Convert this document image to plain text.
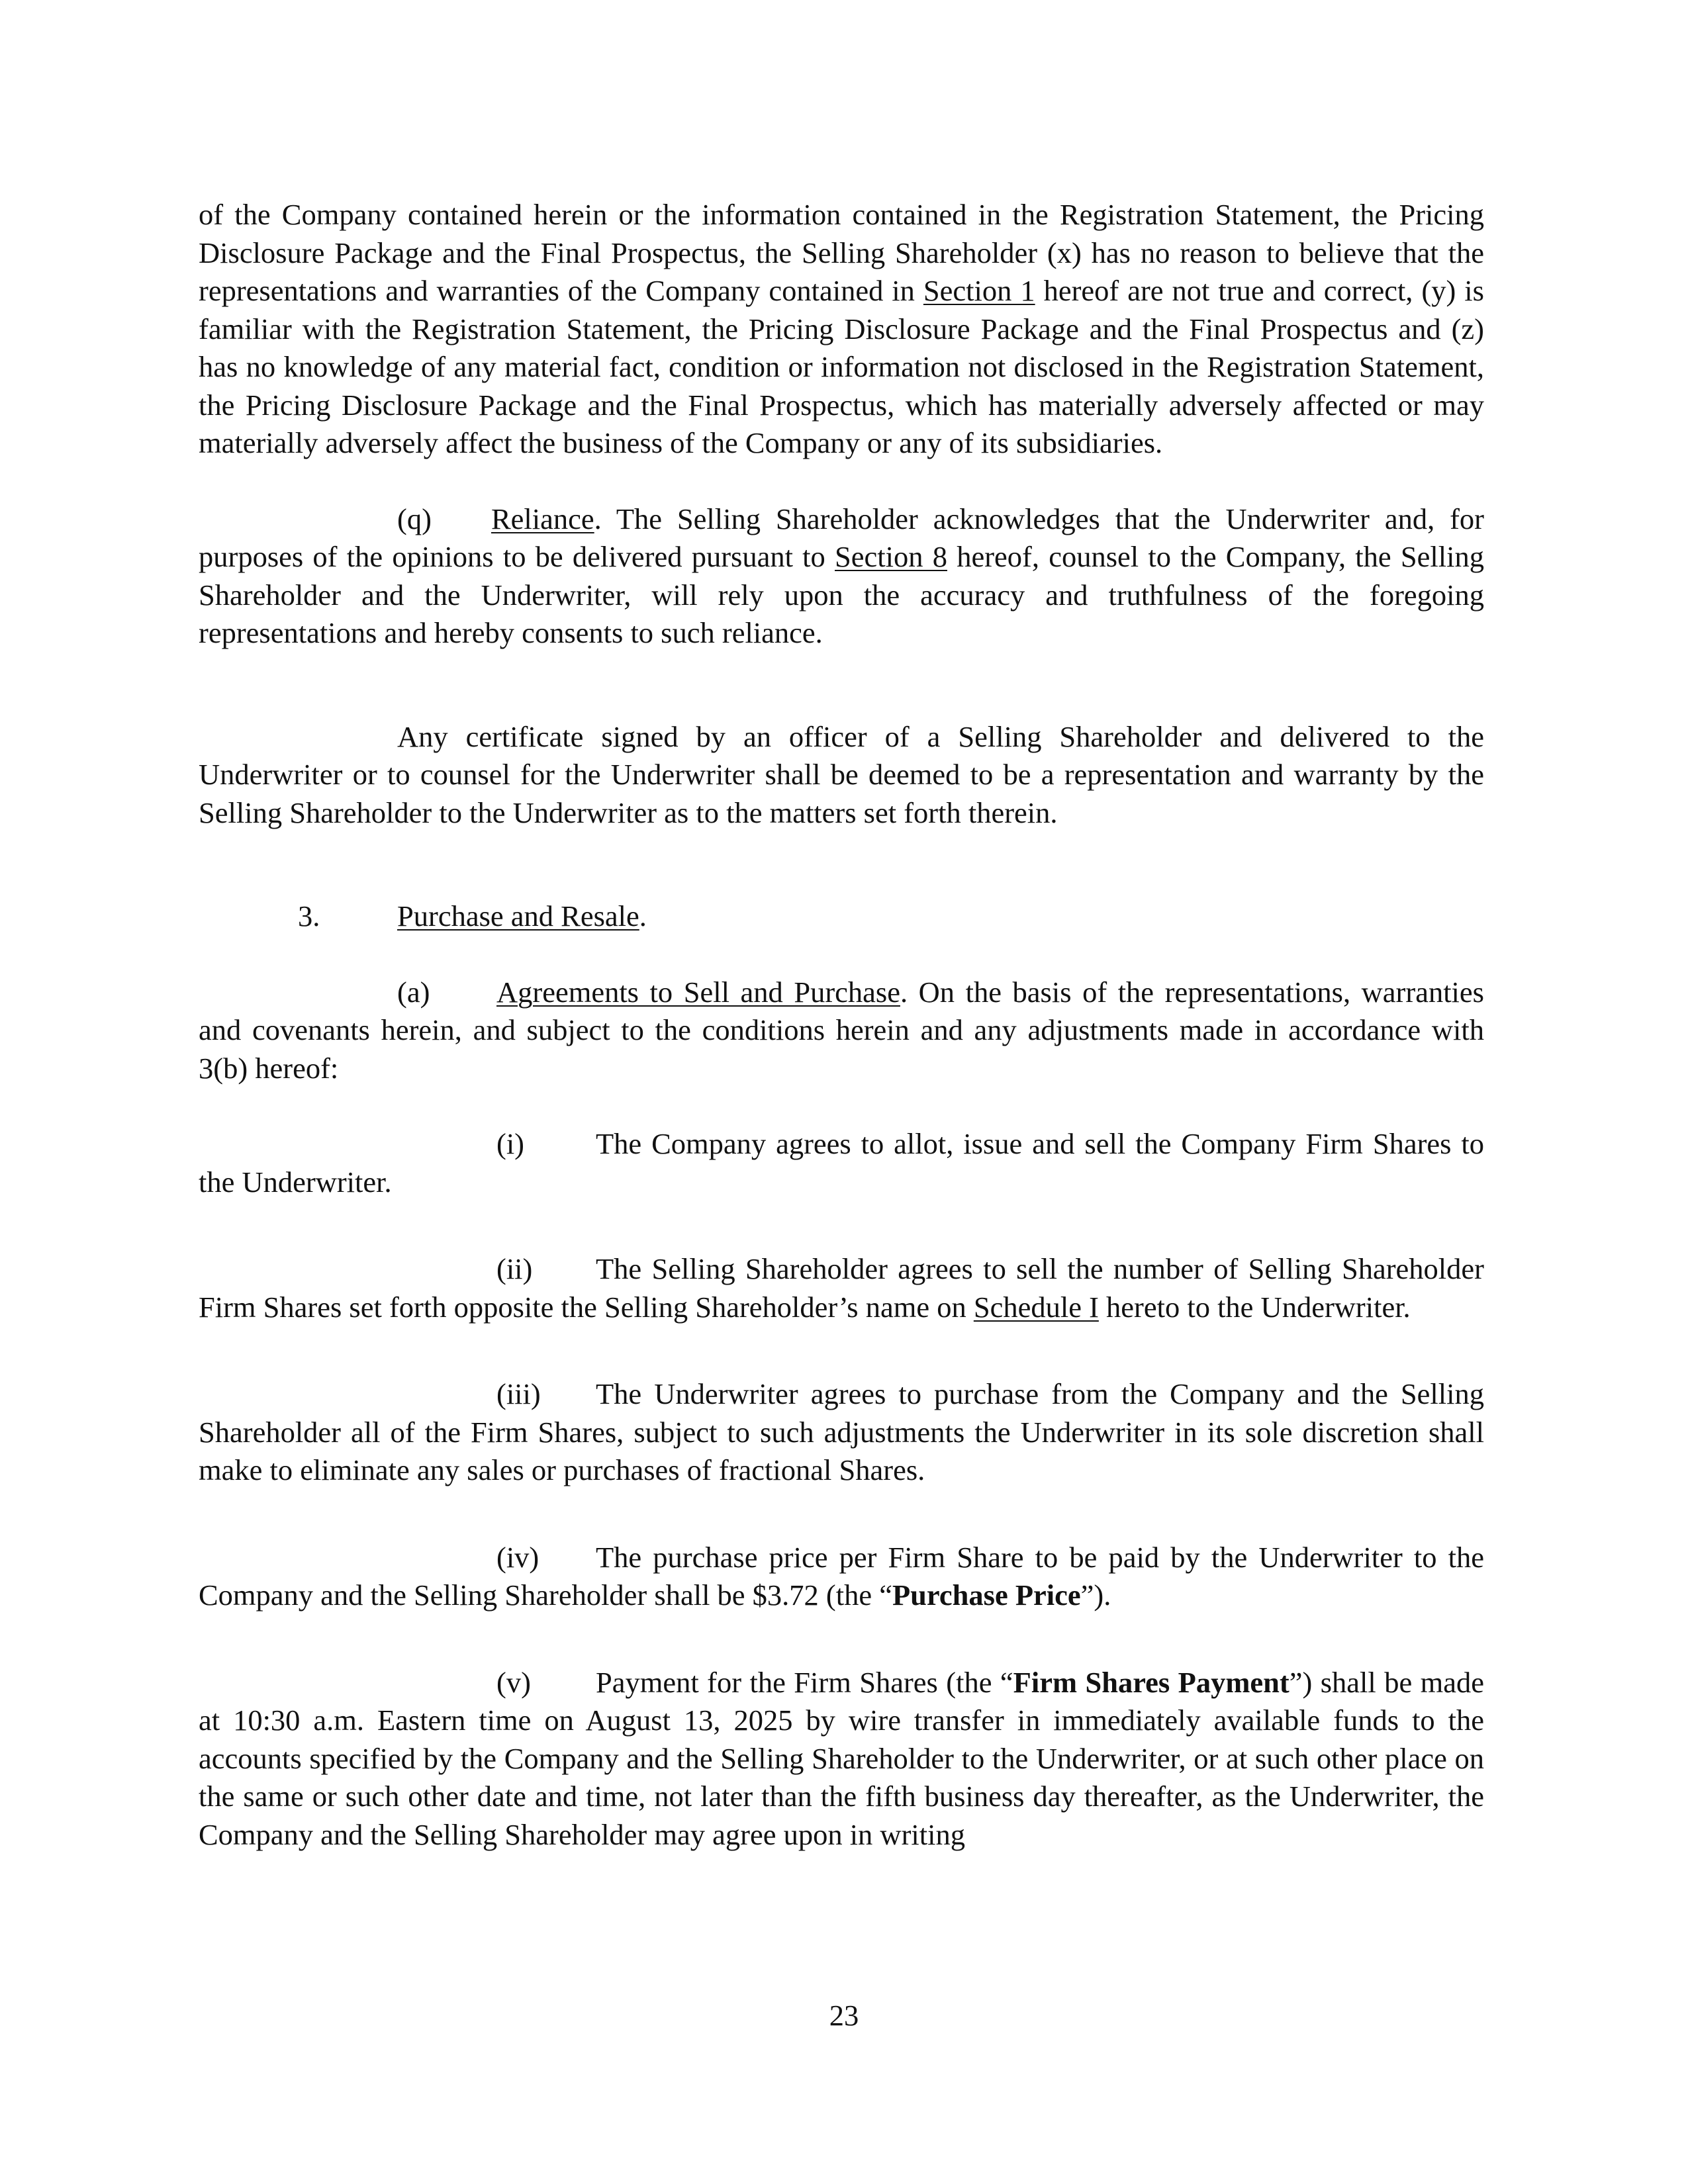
of the Company contained herein or the information contained in the Registration Statement, the Pricing Disclosure Package and the Final Prospectus, the Selling Shareholder (x) has no reason to believe that the representations and warranties of the Company contained in Section 1 hereof are not true and correct, (y) is familiar with the Registration Statement, the Pricing Disclosure Package and the Final Prospectus and (z) has no knowledge of any material fact, condition or information not disclosed in the Registration Statement, the Pricing Disclosure Package and the Final Prospectus, which has materially adversely affected or may materially adversely affect the business of the Company or any of its subsidiaries.

(q) Reliance. The Selling Shareholder acknowledges that the Underwriter and, for purposes of the opinions to be delivered pursuant to Section 8 hereof, counsel to the Company, the Selling Shareholder and the Underwriter, will rely upon the accuracy and truthfulness of the foregoing representations and hereby consents to such reliance.

Any certificate signed by an officer of a Selling Shareholder and delivered to the Underwriter or to counsel for the Underwriter shall be deemed to be a representation and warranty by the Selling Shareholder to the Underwriter as to the matters set forth therein.

3.	Purchase and Resale.

(a) Agreements to Sell and Purchase. On the basis of the representations, warranties and covenants herein, and subject to the conditions herein and any adjustments made in accordance with 3(b) hereof:

(i) The Company agrees to allot, issue and sell the Company Firm Shares to the Underwriter.

(ii) The Selling Shareholder agrees to sell the number of Selling Shareholder Firm Shares set forth opposite the Selling Shareholder’s name on Schedule I hereto to the Underwriter.

(iii) The Underwriter agrees to purchase from the Company and the Selling Shareholder all of the Firm Shares, subject to such adjustments the Underwriter in its sole discretion shall make to eliminate any sales or purchases of fractional Shares.

(iv) The purchase price per Firm Share to be paid by the Underwriter to the Company and the Selling Shareholder shall be $3.72 (the “Purchase Price”).

(v) Payment for the Firm Shares (the “Firm Shares Payment”) shall be made at 10:30 a.m. Eastern time on August 13, 2025 by wire transfer in immediately available funds to the accounts specified by the Company and the Selling Shareholder to the Underwriter, or at such other place on the same or such other date and time, not later than the fifth business day thereafter, as the Underwriter, the Company and the Selling Shareholder may agree upon in writing

23
